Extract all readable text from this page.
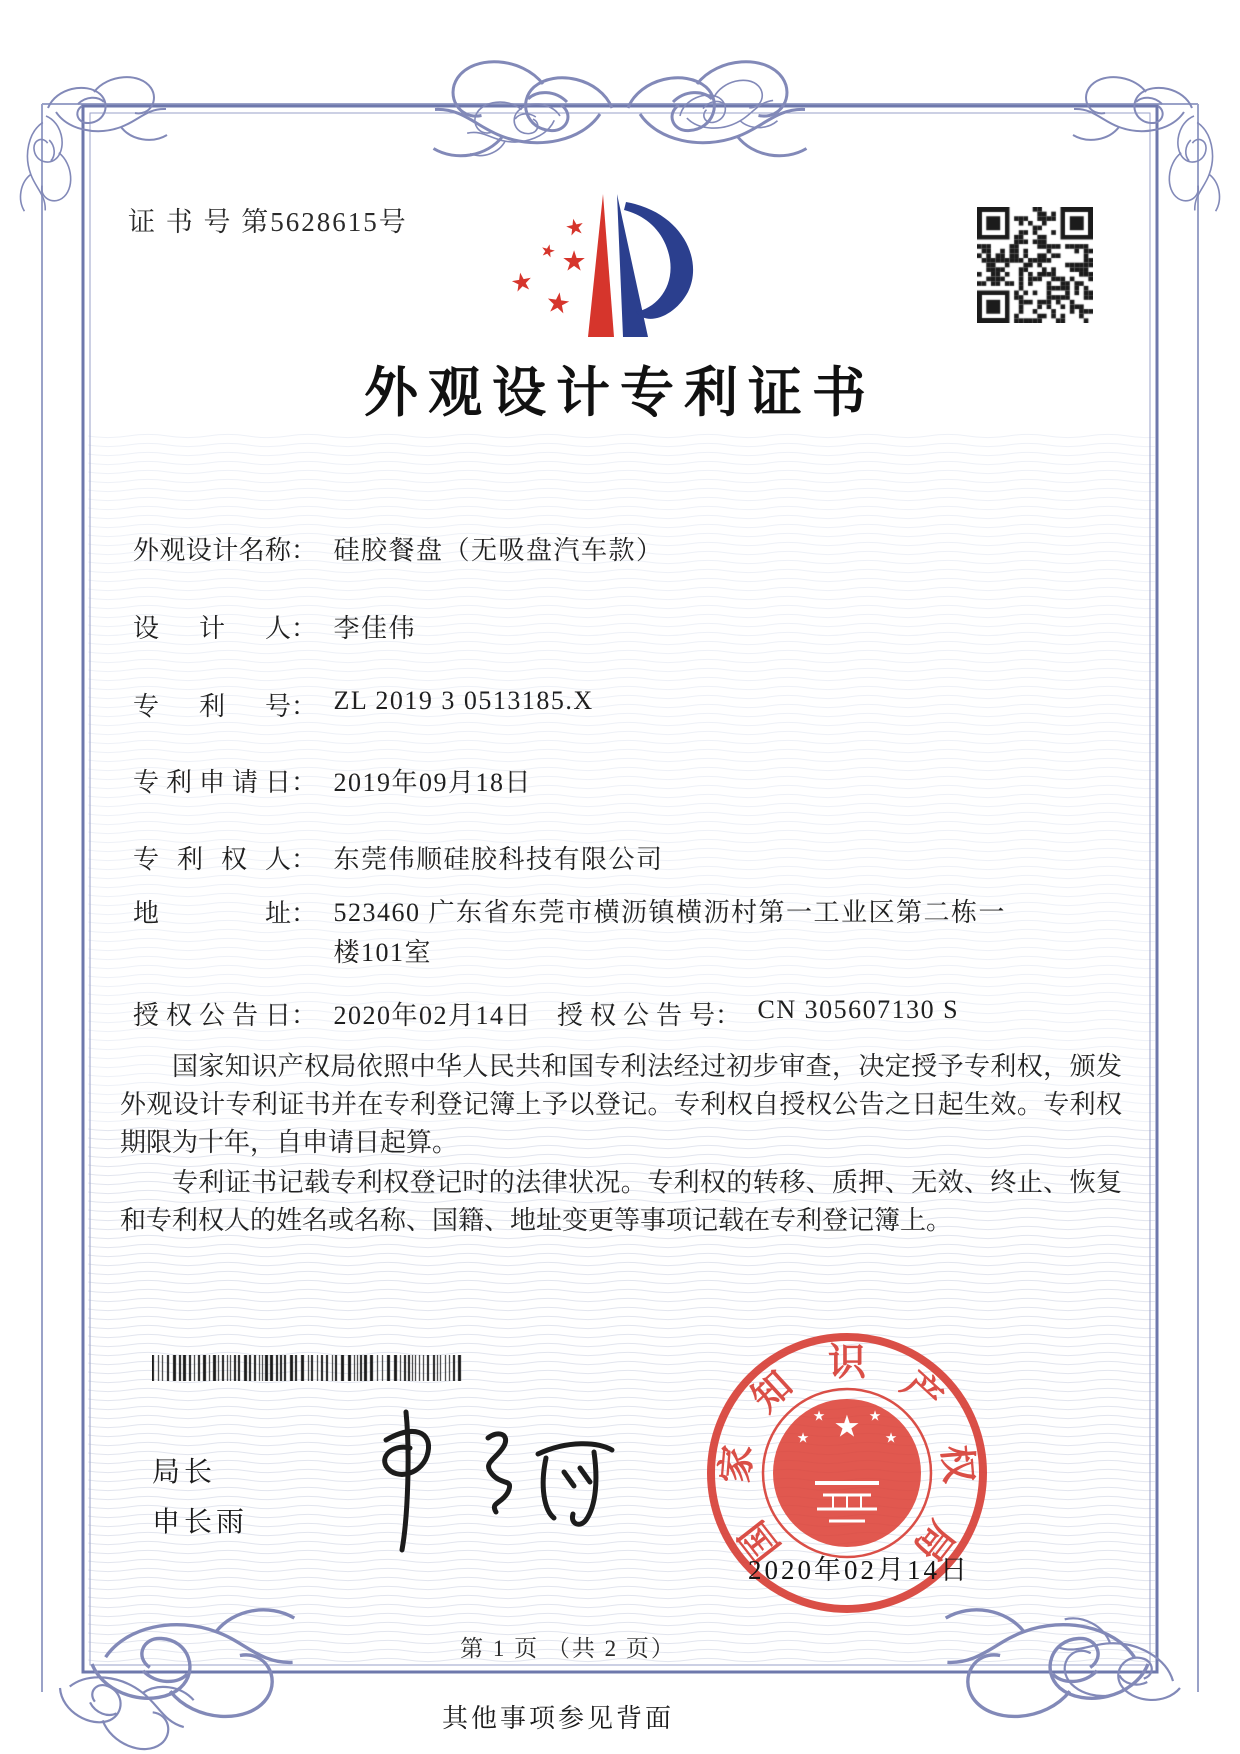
证 书 号 第5628615号	★
★ ★
★
★
外观设计专利证书
外观设计名称： 硅胶餐盘（无吸盘汽车款）
设计人： 李佳伟
专利号： ZL 2019 3 0513185.X
专利申请日： 2019年09月18日
专利权人： 东莞伟顺硅胶科技有限公司
地址： 523460 广东省东莞市横沥镇横沥村第一工业区第二栋一
楼101室
授权公告日： 2020年02月14日 授权公告号： CN 305607130 S

国家知识产权局依照中华人民共和国专利法经过初步审查，决定授予专利权，颁发外观设计专利证书并在专利登记簿上予以登记。专利权自授权公告之日起生效。专利权期限为十年，自申请日起算。

专利证书记载专利权登记时的法律状况。专利权的转移、质押、无效、终止、恢复和专利权人的姓名或名称、国籍、地址变更等事项记载在专利登记簿上。

局长
申长雨	国
家
知
识
产
权
局
★
★	★
★	★
2020年02月14日
第 1 页 （共 2 页）
其他事项参见背面
